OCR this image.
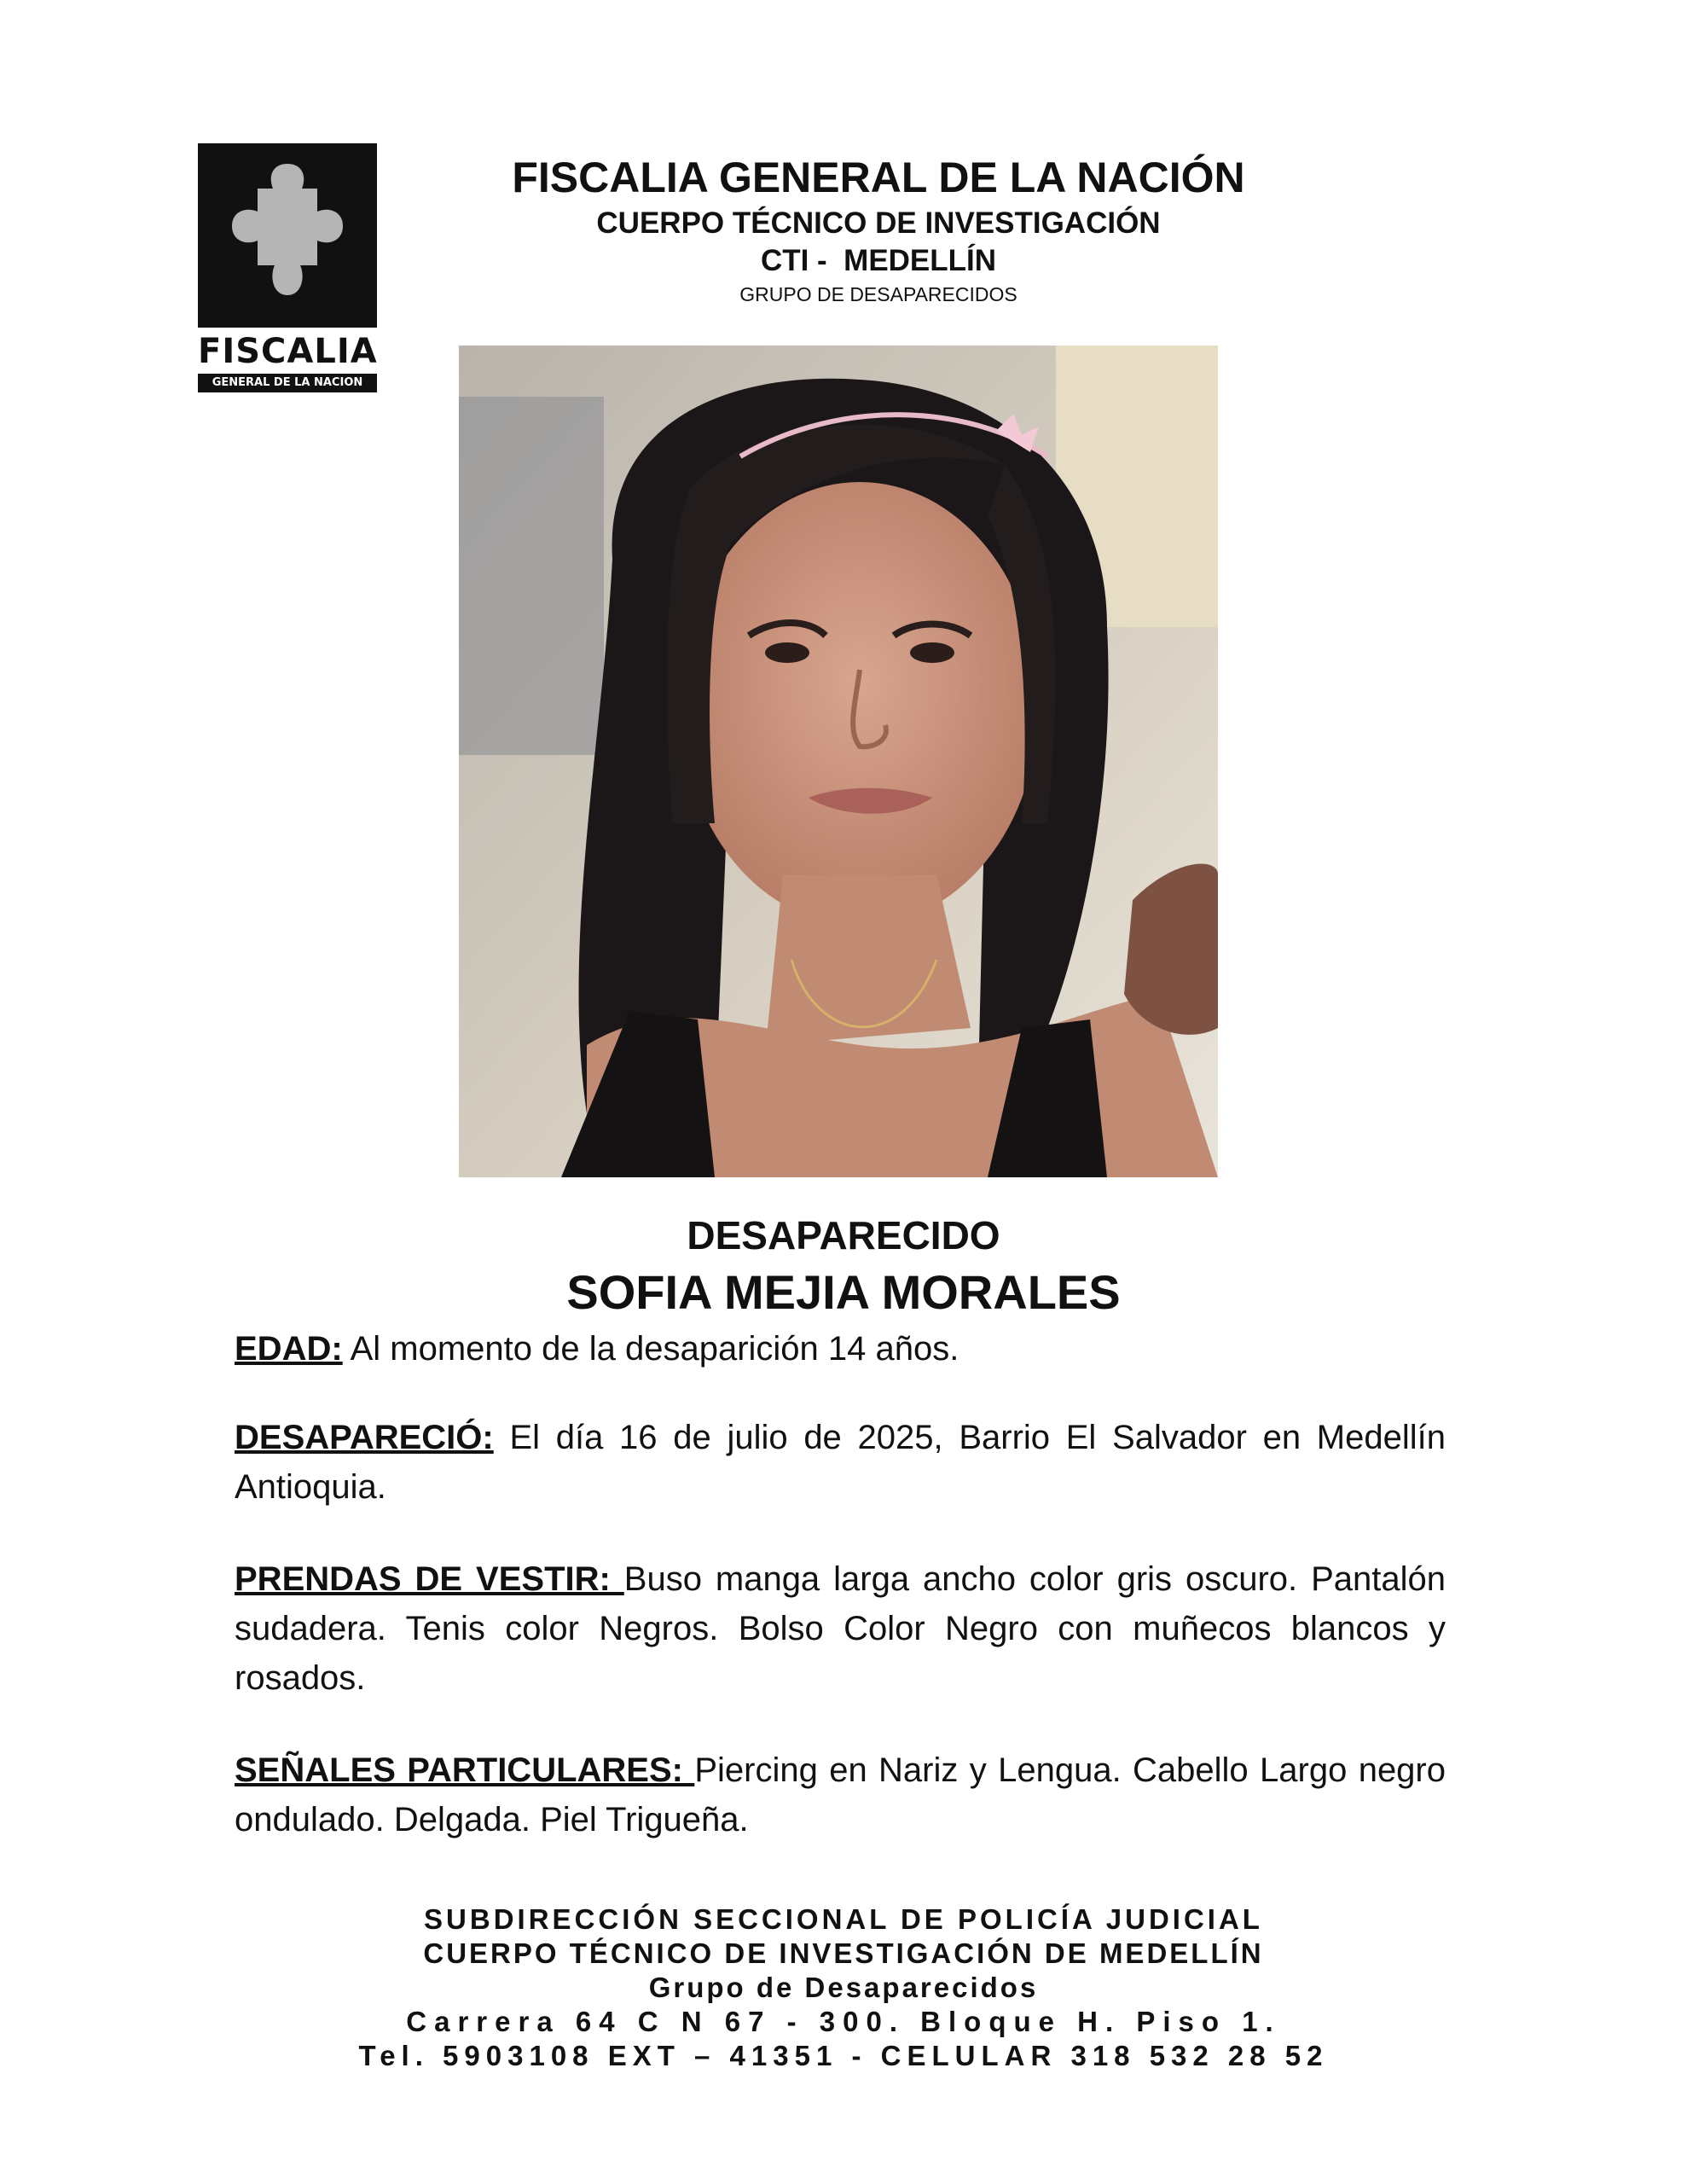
FISCALIA
GENERAL DE LA NACION
FISCALIA GENERAL DE LA NACIÓN
CUERPO TÉCNICO DE INVESTIGACIÓN
CTI -  MEDELLÍN
GRUPO DE DESAPARECIDOS
DESAPARECIDO
SOFIA MEJIA MORALES

EDAD: Al momento de la desaparición 14 años.

DESAPARECIÓ: El día 16 de julio de 2025, Barrio El Salvador en Medellín Antioquia.

PRENDAS DE VESTIR: Buso manga larga ancho color gris oscuro. Pantalón sudadera. Tenis color Negros. Bolso Color Negro con muñecos blancos y rosados.

SEÑALES PARTICULARES: Piercing en Nariz y Lengua. Cabello Largo negro ondulado. Delgada. Piel Trigueña.

SUBDIRECCIÓN SECCIONAL DE POLICÍA JUDICIAL
CUERPO TÉCNICO DE INVESTIGACIÓN DE MEDELLÍN
Grupo de Desaparecidos
Carrera 64 C N 67 - 300. Bloque H. Piso 1.
Tel. 5903108 EXT – 41351 - CELULAR 318 532 28 52
